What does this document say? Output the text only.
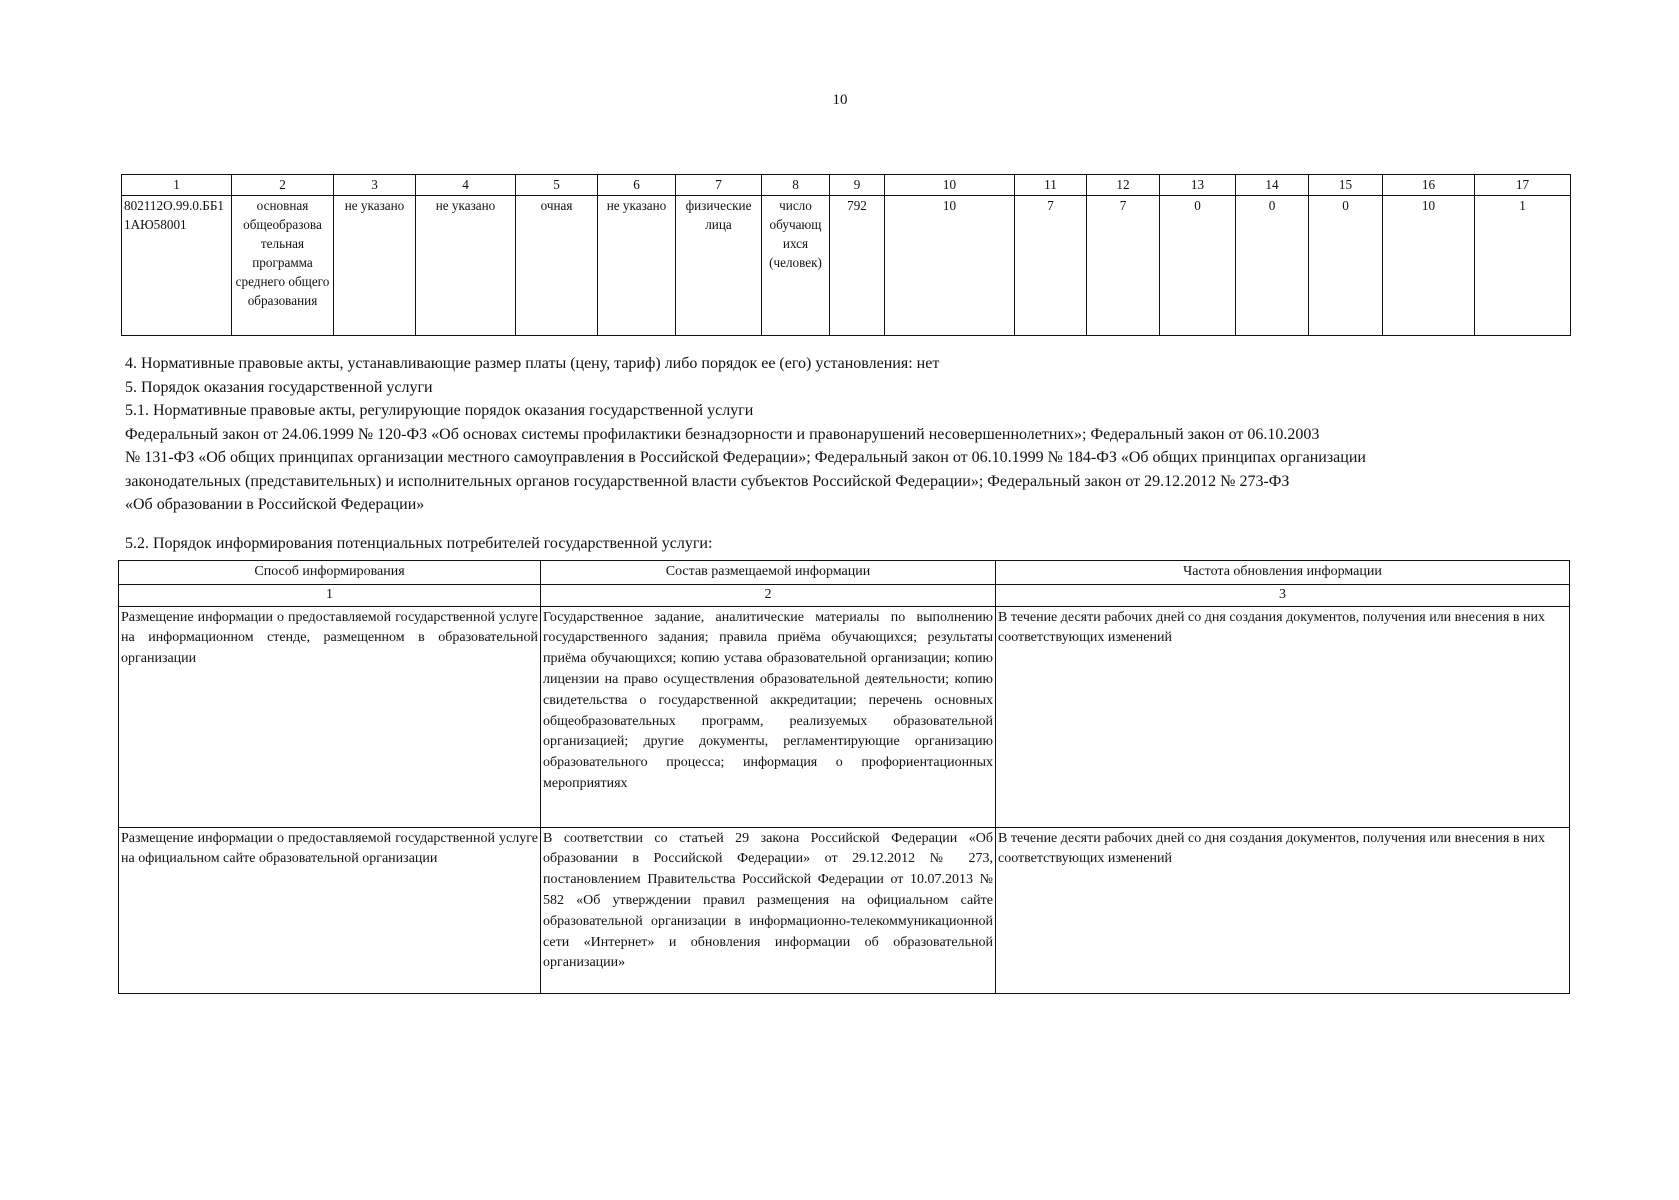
10
1	2	3	4	5	6	7	8	9	10	11	12	13	14	15	16	17
802112О.99.0.ББ11АЮ58001	основная общеобразова тельная программа среднего общего образования	не указано	не указано	очная	не указано	физические лица	число обучающ ихся (человек)	792	10	7	7	0	0	0	10	1
4. Нормативные правовые акты, устанавливающие размер платы (цену, тариф) либо порядок ее (его) установления: нет
5. Порядок оказания государственной услуги
5.1. Нормативные правовые акты, регулирующие порядок оказания государственной услуги
Федеральный закон от 24.06.1999 № 120-ФЗ «Об основах системы профилактики безнадзорности и правонарушений несовершеннолетних»; Федеральный закон от 06.10.2003
№ 131-ФЗ «Об общих принципах организации местного самоуправления в Российской Федерации»; Федеральный закон от 06.10.1999 № 184-ФЗ «Об общих принципах организации
законодательных (представительных) и исполнительных органов государственной власти субъектов Российской Федерации»; Федеральный закон от 29.12.2012 № 273-ФЗ
«Об образовании в Российской Федерации»
5.2. Порядок информирования потенциальных потребителей государственной услуги:
Способ информирования	Состав размещаемой информации	Частота обновления информации
1	2	3
Размещение информации о предоставляемой государственной услуге на информационном стенде, размещенном в образовательной организации	Государственное задание, аналитические материалы по выполнению государственного задания; правила приёма обучающихся; результаты приёма обучающихся; копию устава образовательной организации; копию лицензии на право осуществления образовательной деятельности; копию свидетельства о государственной аккредитации; перечень основных общеобразовательных программ, реализуемых образовательной организацией; другие документы, регламентирующие организацию образовательного процесса; информация о профориентационных мероприятиях	В течение десяти рабочих дней со дня создания документов, получения или внесения в них соответствующих изменений
Размещение информации о предоставляемой государственной услуге на официальном сайте образовательной организации	В соответствии со статьей 29 закона Российской Федерации «Об образовании в Российской Федерации» от 29.12.2012 № 273, постановлением Правительства Российской Федерации от 10.07.2013 № 582 «Об утверждении правил размещения на официальном сайте образовательной организации в информационно-телекоммуникационной сети «Интернет» и обновления информации об образовательной организации»	В течение десяти рабочих дней со дня создания документов, получения или внесения в них соответствующих изменений
